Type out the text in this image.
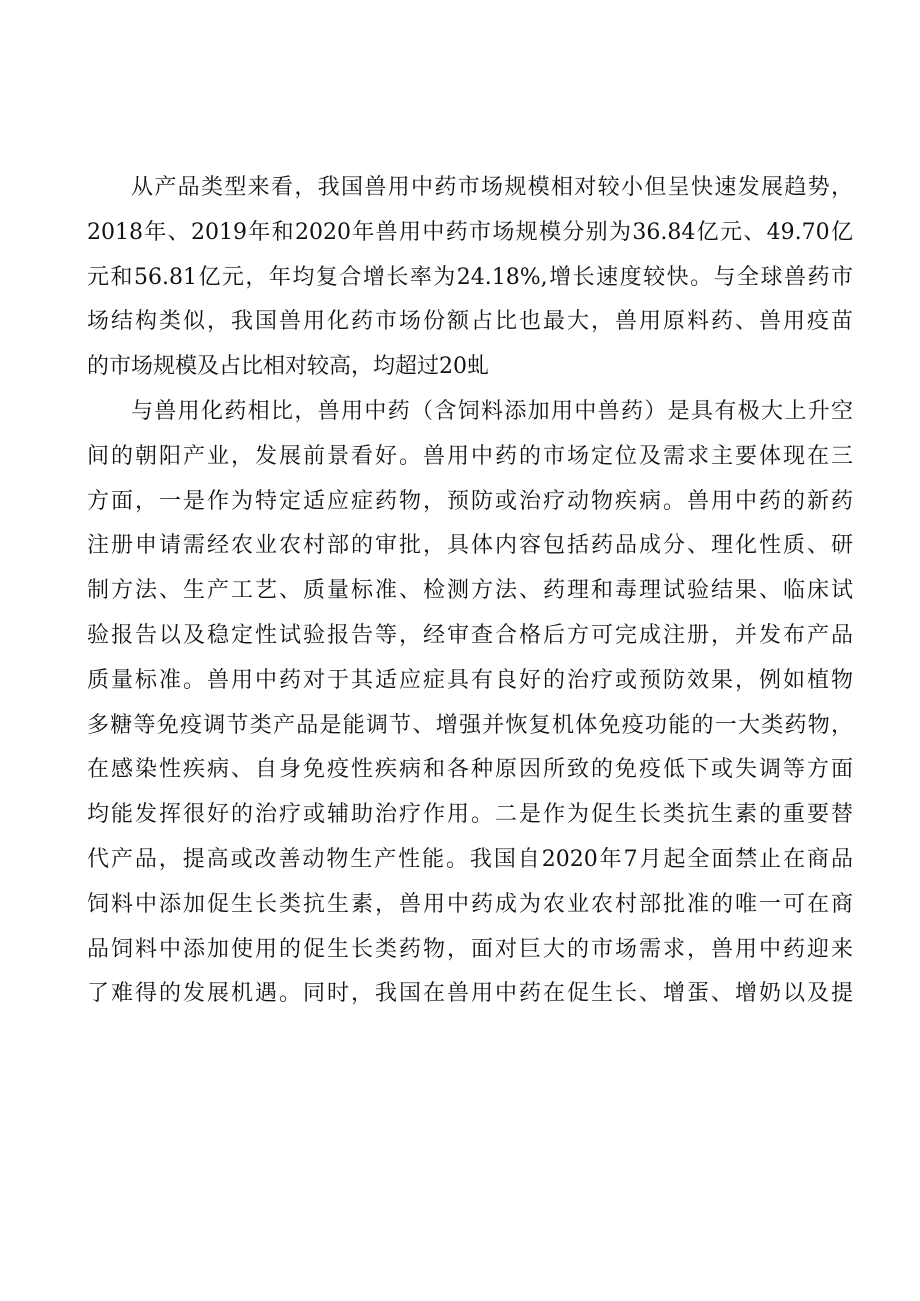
从产品类型来看，我国兽用中药市场规模相对较小但呈快速发展趋势，
2018年、2019年和2020年兽用中药市场规模分别为36.84亿元、49.70亿
元和56.81亿元，年均复合增长率为24.18%,增长速度较快。与全球兽药市
场结构类似，我国兽用化药市场份额占比也最大，兽用原料药、兽用疫苗
的市场规模及占比相对较高，均超过20虬
与兽用化药相比，兽用中药（含饲料添加用中兽药）是具有极大上升空
间的朝阳产业，发展前景看好。兽用中药的市场定位及需求主要体现在三
方面，一是作为特定适应症药物，预防或治疗动物疾病。兽用中药的新药
注册申请需经农业农村部的审批，具体内容包括药品成分、理化性质、研
制方法、生产工艺、质量标准、检测方法、药理和毒理试验结果、临床试
验报告以及稳定性试验报告等，经审查合格后方可完成注册，并发布产品
质量标准。兽用中药对于其适应症具有良好的治疗或预防效果，例如植物
多糖等免疫调节类产品是能调节、增强并恢复机体免疫功能的一大类药物，
在感染性疾病、自身免疫性疾病和各种原因所致的免疫低下或失调等方面
均能发挥很好的治疗或辅助治疗作用。二是作为促生长类抗生素的重要替
代产品，提高或改善动物生产性能。我国自2020年7月起全面禁止在商品
饲料中添加促生长类抗生素，兽用中药成为农业农村部批准的唯一可在商
品饲料中添加使用的促生长类药物，面对巨大的市场需求，兽用中药迎来
了难得的发展机遇。同时，我国在兽用中药在促生长、增蛋、增奶以及提
